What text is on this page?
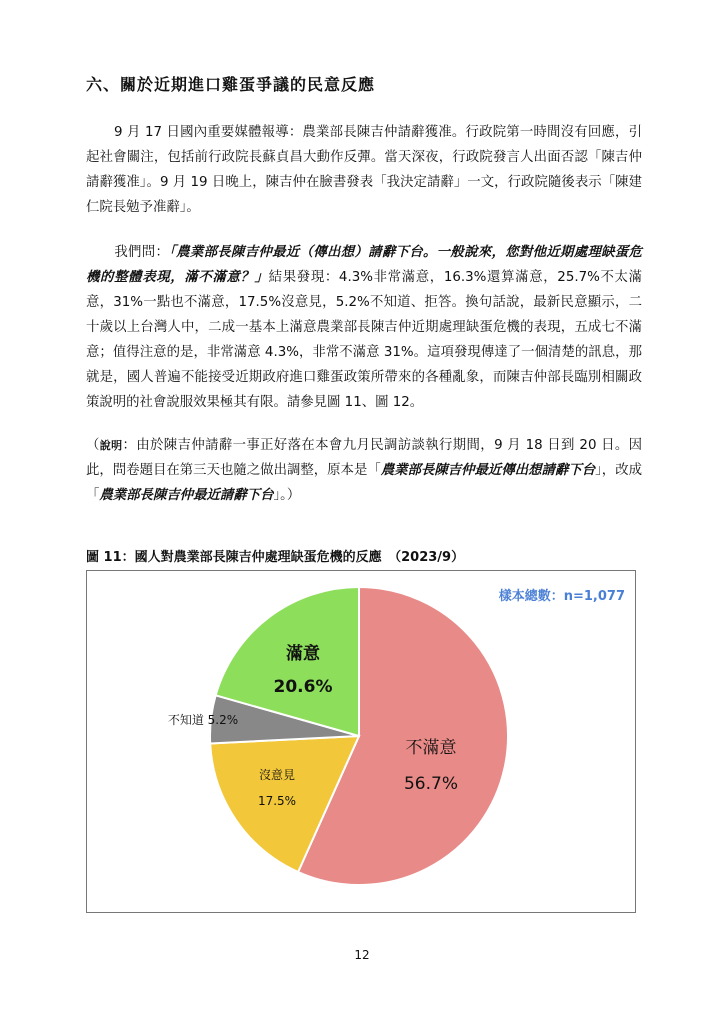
六、關於近期進口雞蛋爭議的民意反應
9 月 17 日國內重要媒體報導：農業部長陳吉仲請辭獲准。行政院第一時間沒有回應，引起社會關注，包括前行政院長蘇貞昌大動作反彈。當天深夜，行政院發言人出面否認「陳吉仲請辭獲准」。9 月 19 日晚上，陳吉仲在臉書發表「我決定請辭」一文，行政院隨後表示「陳建仁院長勉予准辭」。
我們問：「農業部長陳吉仲最近（傳出想）請辭下台。一般說來，您對他近期處理缺蛋危機的整體表現，滿不滿意？」結果發現：4.3%非常滿意，16.3%還算滿意，25.7%不太滿意，31%一點也不滿意，17.5%沒意見，5.2%不知道、拒答。換句話說，最新民意顯示，二十歲以上台灣人中，二成一基本上滿意農業部長陳吉仲近期處理缺蛋危機的表現，五成七不滿意；值得注意的是，非常滿意 4.3%，非常不滿意 31%。這項發現傳達了一個清楚的訊息，那就是，國人普遍不能接受近期政府進口雞蛋政策所帶來的各種亂象，而陳吉仲部長臨別相關政策說明的社會說服效果極其有限。請參見圖 11、圖 12。
（說明：由於陳吉仲請辭一事正好落在本會九月民調訪談執行期間，9 月 18 日到 20 日。因此，問卷題目在第三天也隨之做出調整，原本是「農業部長陳吉仲最近傳出想請辭下台」，改成「農業部長陳吉仲最近請辭下台」。）
圖 11：國人對農業部長陳吉仲處理缺蛋危機的反應　（2023/9）
不滿意
56.7%
沒意見
17.5%
不知道 5.2%
滿意
20.6%
樣本總數：n=1,077
12
